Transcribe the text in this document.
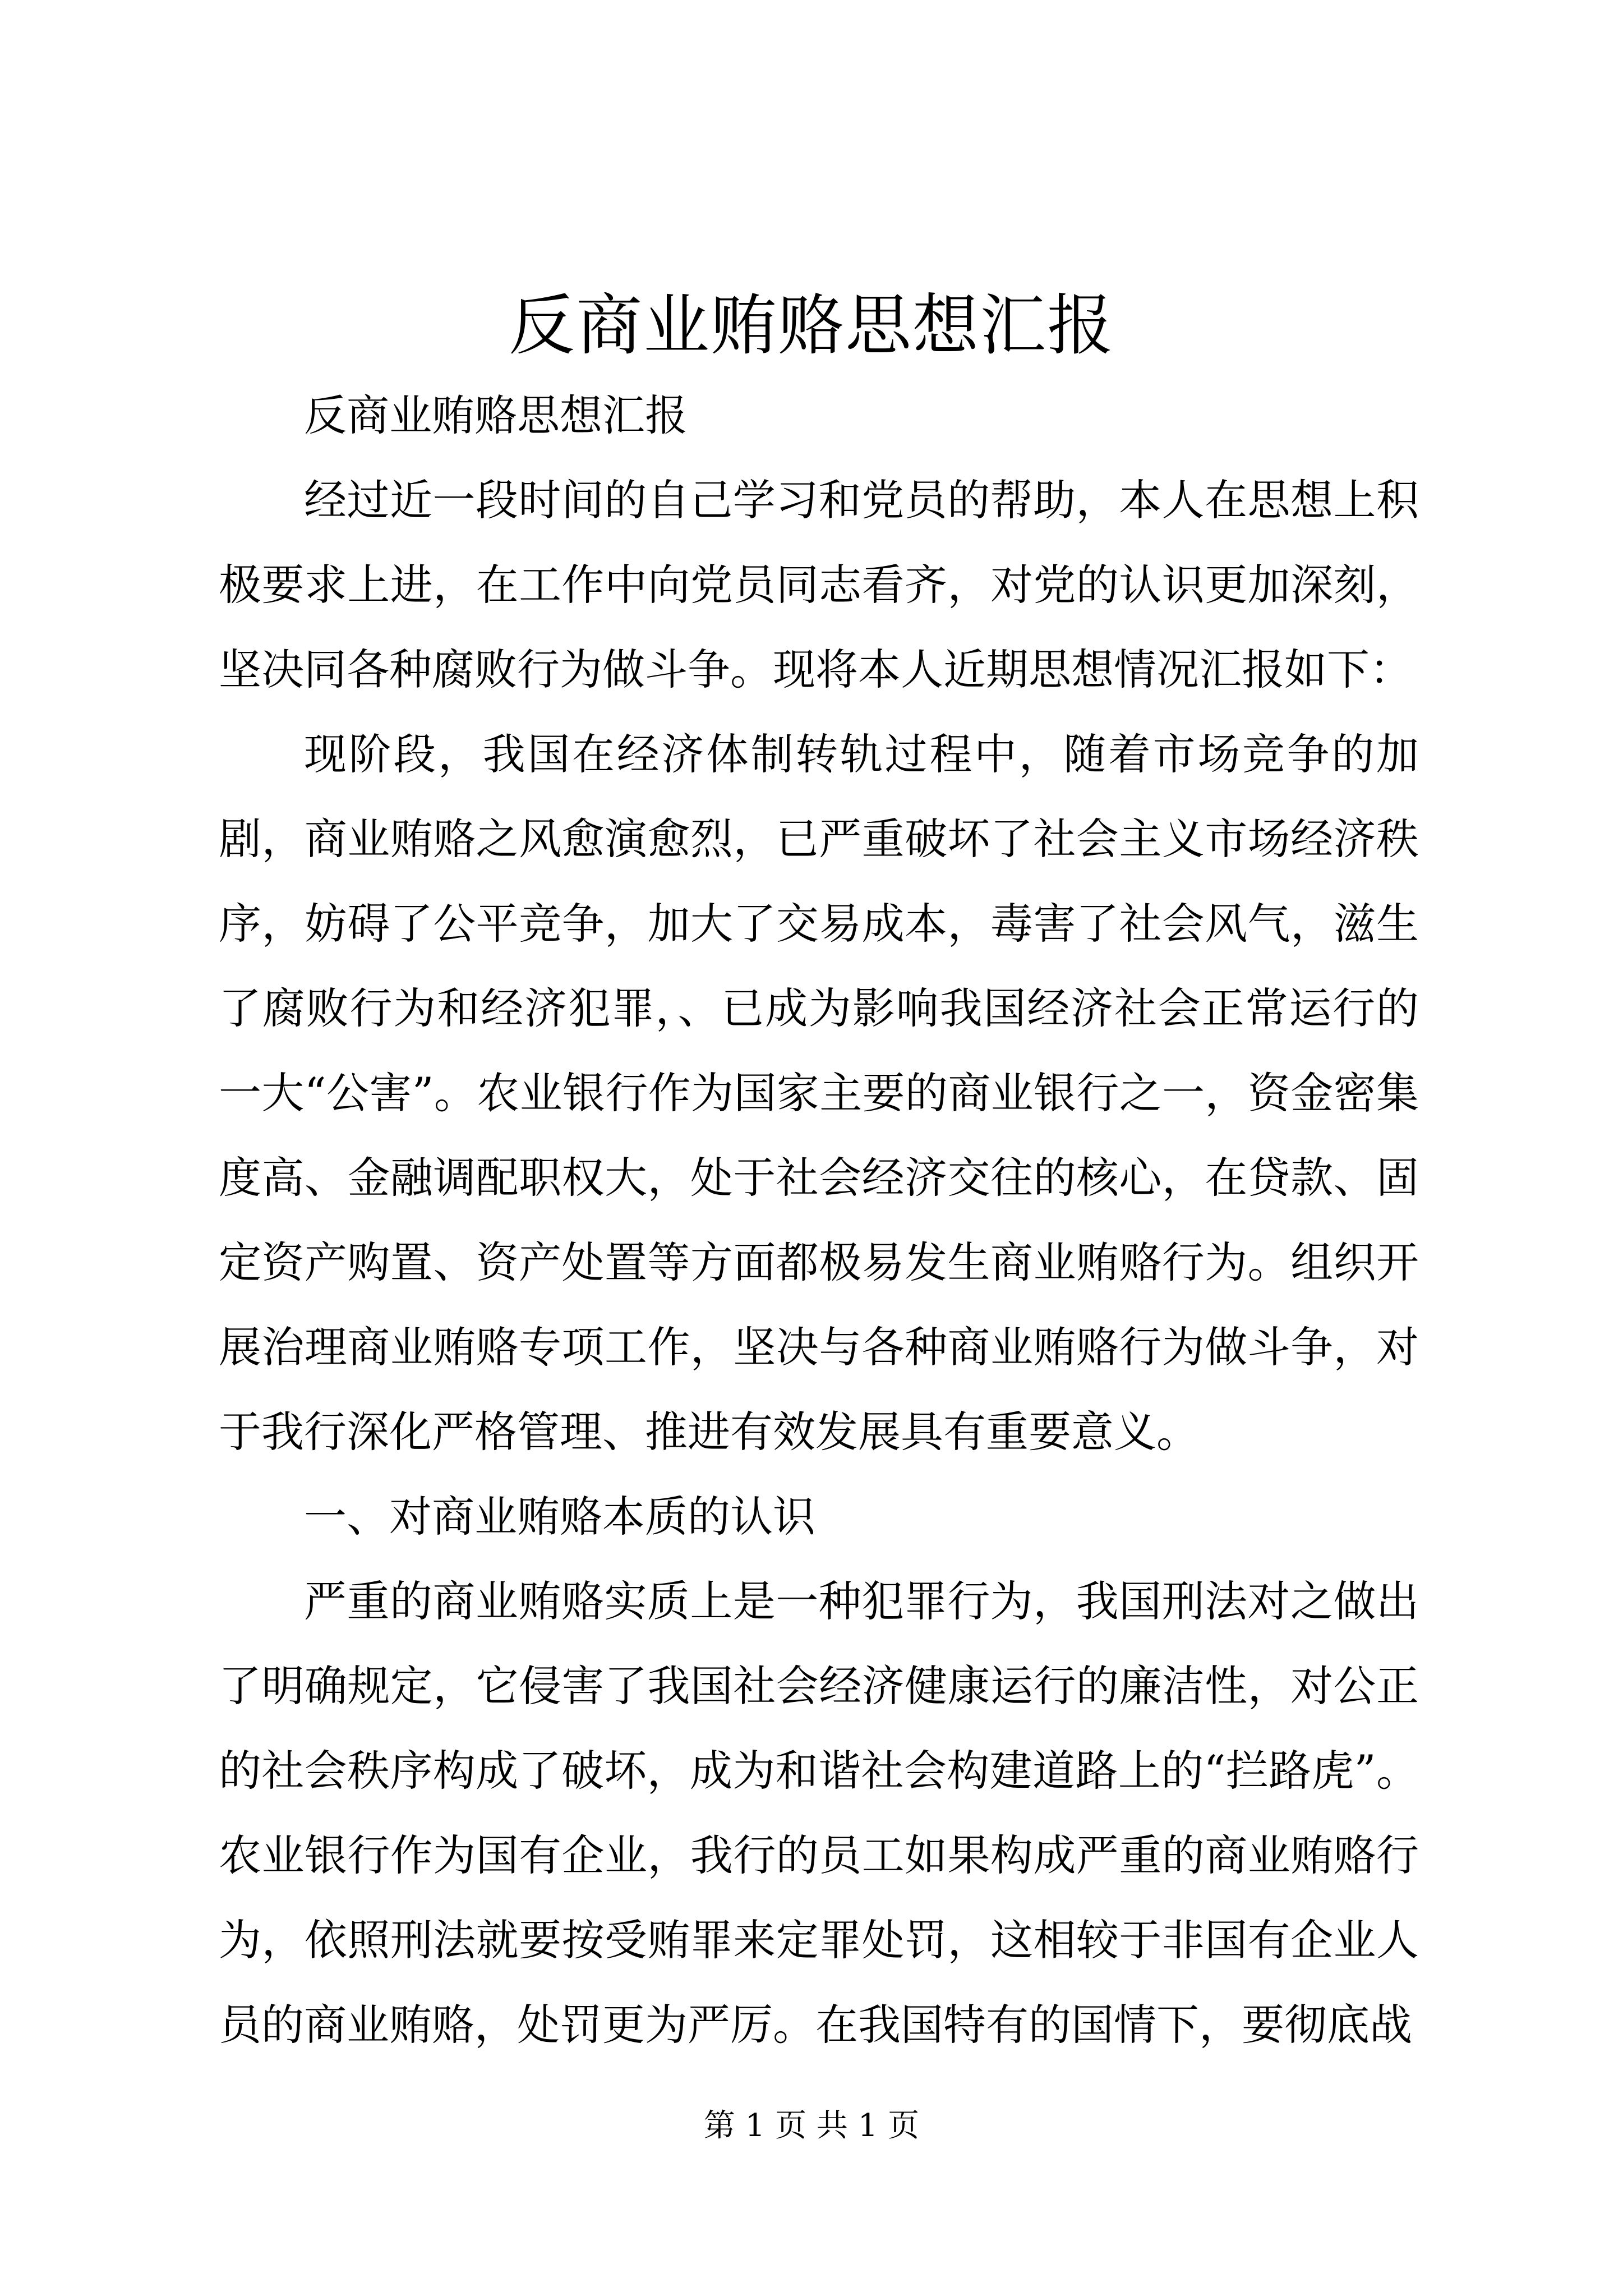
反商业贿赂思想汇报

反商业贿赂思想汇报

经过近一段时间的自己学习和党员的帮助，本人在思想上积极要求上进，在工作中向党员同志看齐，对党的认识更加深刻，坚决同各种腐败行为做斗争。现将本人近期思想情况汇报如下：

现阶段，我国在经济体制转轨过程中，随着市场竞争的加剧，商业贿赂之风愈演愈烈，已严重破坏了社会主义市场经济秩序，妨碍了公平竞争，加大了交易成本，毒害了社会风气，滋生了腐败行为和经济犯罪，、已成为影响我国经济社会正常运行的一大“公害”。农业银行作为国家主要的商业银行之一，资金密集度高、金融调配职权大，处于社会经济交往的核心，在贷款、固定资产购置、资产处置等方面都极易发生商业贿赂行为。组织开展治理商业贿赂专项工作，坚决与各种商业贿赂行为做斗争，对于我行深化严格管理、推进有效发展具有重要意义。

一、对商业贿赂本质的认识

严重的商业贿赂实质上是一种犯罪行为，我国刑法对之做出了明确规定，它侵害了我国社会经济健康运行的廉洁性，对公正的社会秩序构成了破坏，成为和谐社会构建道路上的“拦路虎”。农业银行作为国有企业，我行的员工如果构成严重的商业贿赂行为，依照刑法就要按受贿罪来定罪处罚，这相较于非国有企业人员的商业贿赂，处罚更为严厉。在我国特有的国情下，要彻底战

第 1 页 共 1 页
